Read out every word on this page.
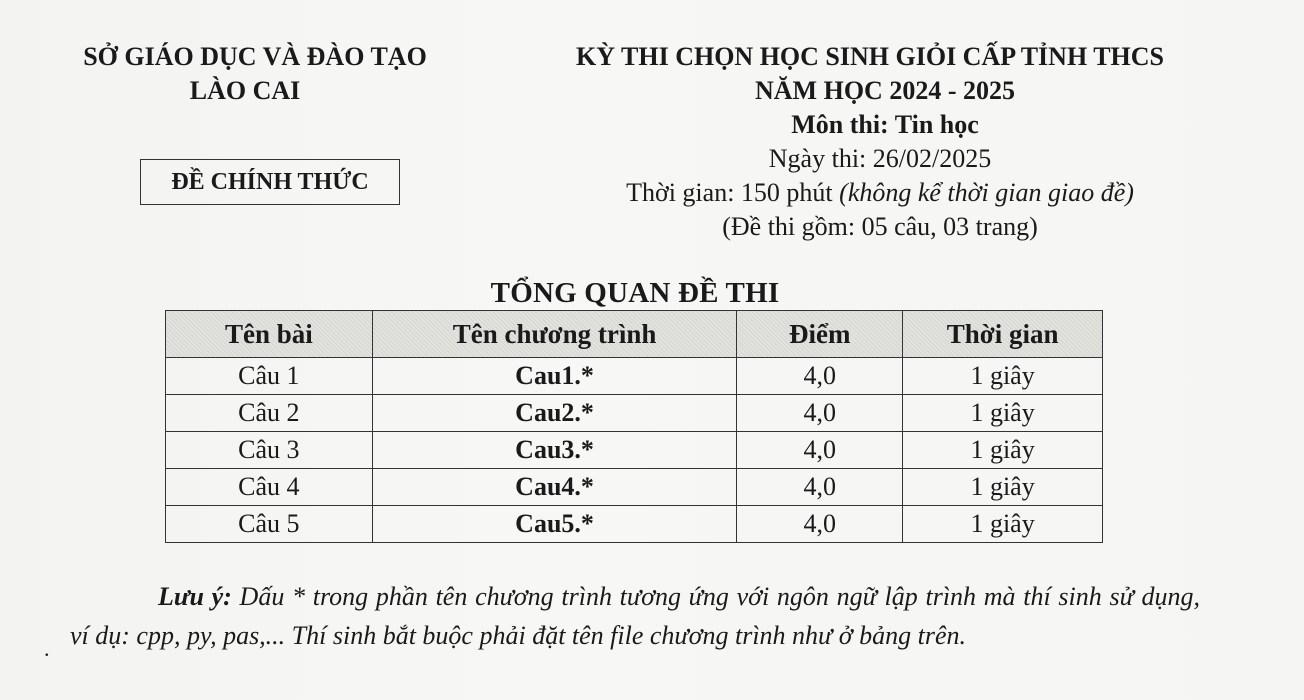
SỞ GIÁO DỤC VÀ ĐÀO TẠO
LÀO CAI
KỲ THI CHỌN HỌC SINH GIỎI CẤP TỈNH THCS
NĂM HỌC 2024 - 2025
Môn thi: Tin học
Ngày thi: 26/02/2025
Thời gian: 150 phút (không kể thời gian giao đề)
(Đề thi gồm: 05 câu, 03 trang)
ĐỀ CHÍNH THỨC
TỔNG QUAN ĐỀ THI
Tên bài	Tên chương trình	Điểm	Thời gian
Câu 1	Cau1.*	4,0	1 giây
Câu 2	Cau2.*	4,0	1 giây
Câu 3	Cau3.*	4,0	1 giây
Câu 4	Cau4.*	4,0	1 giây
Câu 5	Cau5.*	4,0	1 giây
.
Lưu ý: Dấu * trong phần tên chương trình tương ứng với ngôn ngữ lập trình mà thí sinh sử dụng, ví dụ: cpp, py, pas,... Thí sinh bắt buộc phải đặt tên file chương trình như ở bảng trên.
